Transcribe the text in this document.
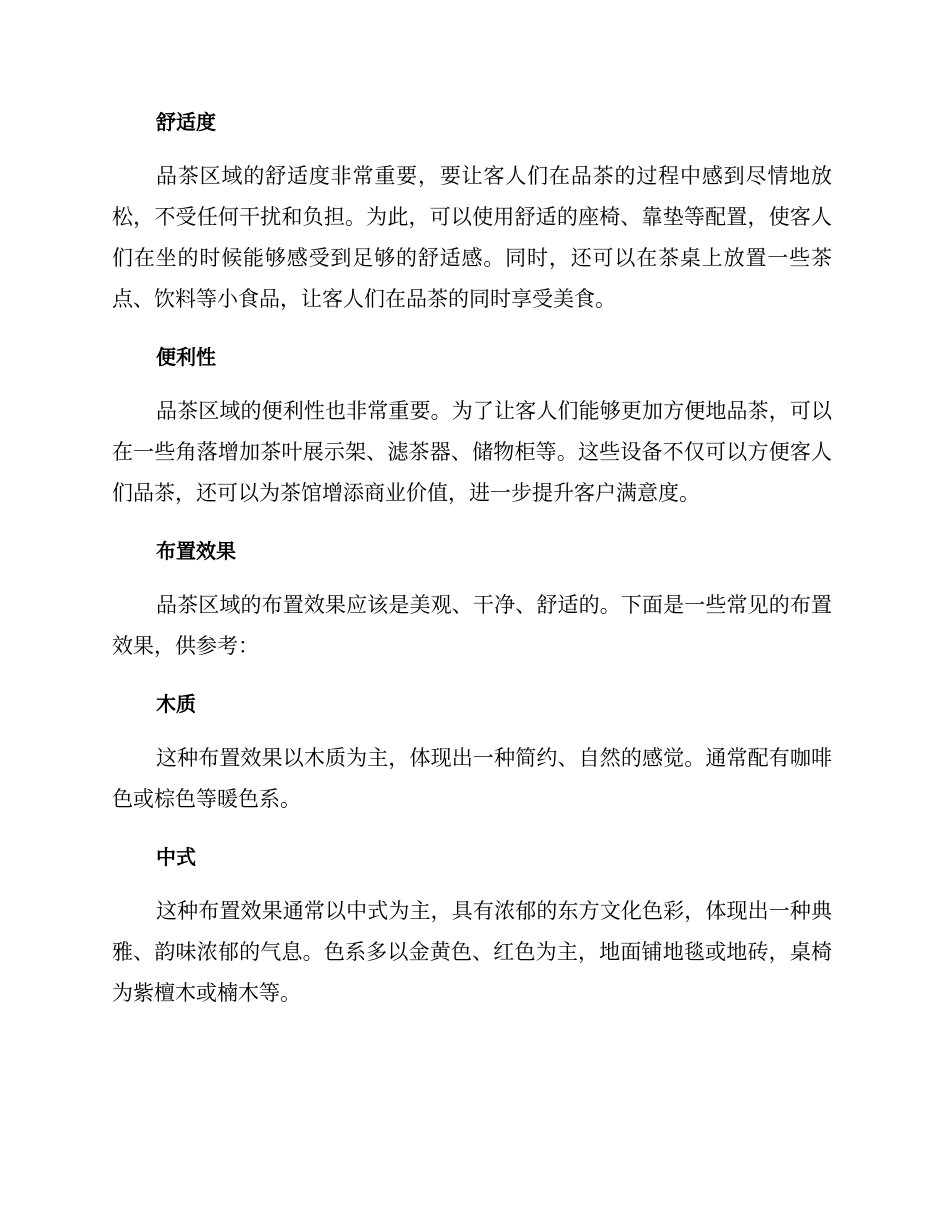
舒适度

品茶区域的舒适度非常重要，要让客人们在品茶的过程中感到尽情地放松，不受任何干扰和负担。为此，可以使用舒适的座椅、靠垫等配置，使客人们在坐的时候能够感受到足够的舒适感。同时，还可以在茶桌上放置一些茶点、饮料等小食品，让客人们在品茶的同时享受美食。

便利性

品茶区域的便利性也非常重要。为了让客人们能够更加方便地品茶，可以在一些角落增加茶叶展示架、滤茶器、储物柜等。这些设备不仅可以方便客人们品茶，还可以为茶馆增添商业价值，进一步提升客户满意度。

布置效果

品茶区域的布置效果应该是美观、干净、舒适的。下面是一些常见的布置效果，供参考：

木质

这种布置效果以木质为主，体现出一种简约、自然的感觉。通常配有咖啡色或棕色等暖色系。

中式

这种布置效果通常以中式为主，具有浓郁的东方文化色彩，体现出一种典雅、韵味浓郁的气息。色系多以金黄色、红色为主，地面铺地毯或地砖，桌椅为紫檀木或楠木等。
